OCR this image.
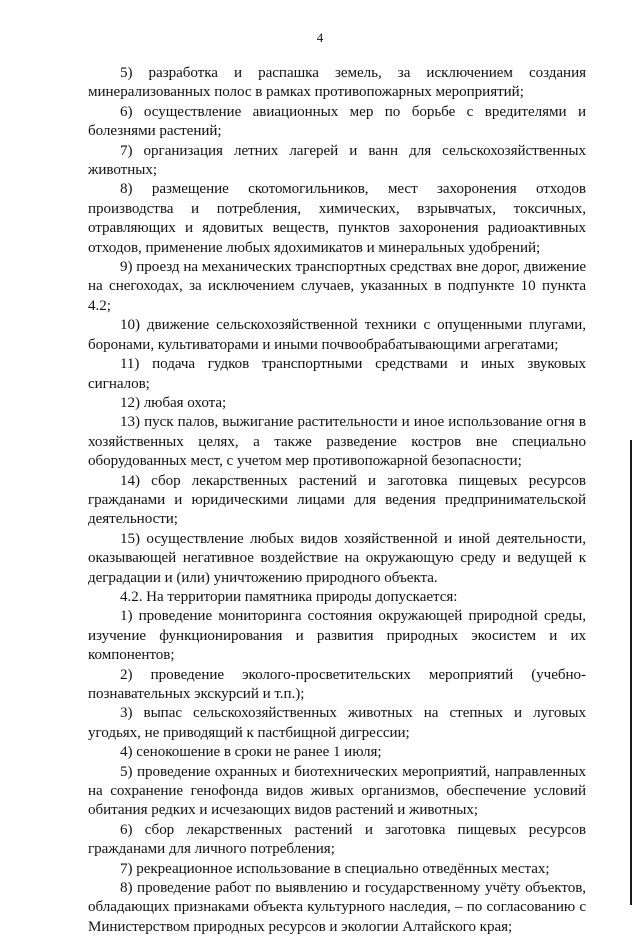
4

5) разработка и распашка земель, за исключением создания минерализованных полос в рамках противопожарных мероприятий;

6) осуществление авиационных мер по борьбе с вредителями и болезнями растений;

7) организация летних лагерей и ванн для сельскохозяйственных животных;

8) размещение скотомогильников, мест захоронения отходов производства и потребления, химических, взрывчатых, токсичных, отравляющих и ядовитых веществ, пунктов захоронения радиоактивных отходов, применение любых ядохимикатов и минеральных удобрений;

9) проезд на механических транспортных средствах вне дорог, движение на снегоходах, за исключением случаев, указанных в подпункте 10 пункта 4.2;

10) движение сельскохозяйственной техники с опущенными плугами, боронами, культиваторами и иными почвообрабатывающими агрегатами;

11) подача гудков транспортными средствами и иных звуковых сигналов;

12) любая охота;

13) пуск палов, выжигание растительности и иное использование огня в хозяйственных целях, а также разведение костров вне специально оборудованных мест, с учетом мер противопожарной безопасности;

14) сбор лекарственных растений и заготовка пищевых ресурсов гражданами и юридическими лицами для ведения предпринимательской деятельности;

15) осуществление любых видов хозяйственной и иной деятельности, оказывающей негативное воздействие на окружающую среду и ведущей к деградации и (или) уничтожению природного объекта.

4.2. На территории памятника природы допускается:

1) проведение мониторинга состояния окружающей природной среды, изучение функционирования и развития природных экосистем и их компонентов;

2) проведение эколого-просветительских мероприятий (учебно-познавательных экскурсий и т.п.);

3) выпас сельскохозяйственных животных на степных и луговых угодьях, не приводящий к пастбищной дигрессии;

4) сенокошение в сроки не ранее 1 июля;

5) проведение охранных и биотехнических мероприятий, направленных на сохранение генофонда видов живых организмов, обеспечение условий обитания редких и исчезающих видов растений и животных;

6) сбор лекарственных растений и заготовка пищевых ресурсов гражданами для личного потребления;

7) рекреационное использование в специально отведённых местах;

8) проведение работ по выявлению и государственному учёту объектов, обладающих признаками объекта культурного наследия, – по согласованию с Министерством природных ресурсов и экологии Алтайского края;
